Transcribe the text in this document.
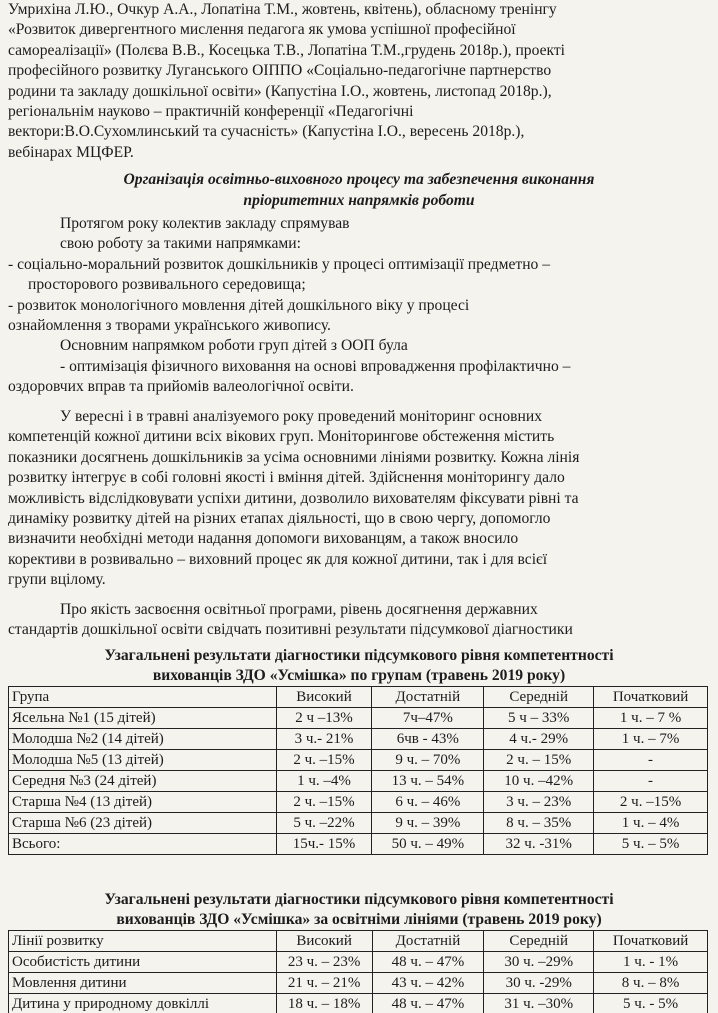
Умрихіна Л.Ю., Очкур А.А., Лопатіна Т.М., жовтень, квітень), обласному тренінгу
«Розвиток дивергентного мислення педагога як умова успішної професійної
самореалізації» (Полєва В.В., Косецька Т.В., Лопатіна Т.М.,грудень 2018р.), проекті
професійного розвитку Луганського ОІППО «Соціально-педагогічне партнерство
родини та закладу дошкільної освіти» (Капустіна І.О., жовтень, листопад 2018р.),
регіональнім науково – практичній конференції «Педагогічні
вектори:В.О.Сухомлинський та сучасність» (Капустіна І.О., вересень 2018р.),
вебінарах МЦФЕР.

Організація освітньо-виховного процесу та забезпечення виконання

пріоритетних напрямків роботи

Протягом року колектив закладу спрямував
свою роботу за такими напрямками:
- соціально-моральний розвиток дошкільників у процесі оптимізації предметно –
просторового розвивального середовища;
- розвиток монологічного мовлення дітей дошкільного віку у процесі
ознайомлення з творами українського живопису.
Основним напрямком роботи груп дітей з ООП була
- оптимізація фізичного виховання на основі впровадження профілактично –
оздоровчих вправ та прийомів валеологічної освіти.
У вересні і в травні аналізуемого року проведений моніторинг основних
компетенцій кожної дитини всіх вікових груп. Моніторингове обстеження містить
показники досягнень дошкільників за усіма основними лініями розвитку. Кожна лінія
розвитку інтегрує в собі головні якості і вміння дітей. Здійснення моніторингу дало
можливість відслідковувати успіхи дитини, дозволило вихователям фіксувати рівні та
динаміку розвитку дітей на різних етапах діяльності, що в свою чергу, допомогло
визначити необхідні методи надання допомоги вихованцям, а також вносило
корективи в розвивально – виховний процес як для кожної дитини, так і для всієї
групи вцілому.
Про якість засвоєння освітньої програми, рівень досягнення державних
стандартів дошкільної освіти свідчать позитивні результати підсумкової діагностики

Узагальнені результати діагностики підсумкового рівня компетентності

вихованців ЗДО «Усмішка» по групам (травень 2019 року)

Група	Високий	Достатній	Середній	Початковий
Ясельна №1 (15 дітей)	2 ч –13%	7ч–47%	5 ч – 33%	1 ч. – 7 %
Молодша №2 (14 дітей)	3 ч.- 21%	6чв - 43%	4 ч.- 29%	1 ч. – 7%
Молодша №5 (13 дітей)	2 ч. –15%	9 ч. – 70%	2 ч. – 15%	-
Середня №3 (24 дітей)	1 ч. –4%	13 ч. – 54%	10 ч. –42%	-
Старша №4 (13 дітей)	2 ч. –15%	6 ч. – 46%	3 ч. – 23%	2 ч. –15%
Старша №6 (23 дітей)	5 ч. –22%	9 ч. – 39%	8 ч. – 35%	1 ч. – 4%
Всього:	15ч.- 15%	50 ч. – 49%	32 ч. -31%	5 ч. – 5%

Узагальнені результати діагностики підсумкового рівня компетентності

вихованців ЗДО «Усмішка» за освітніми лініями (травень 2019 року)

Лінії розвитку	Високий	Достатній	Середній	Початковий
Особистість дитини	23 ч. – 23%	48 ч. – 47%	30 ч. –29%	1 ч. - 1%
Мовлення дитини	21 ч. – 21%	43 ч. – 42%	30 ч. -29%	8 ч. – 8%
Дитина у природному довкіллі	18 ч. – 18%	48 ч. – 47%	31 ч. –30%	5 ч. - 5%
